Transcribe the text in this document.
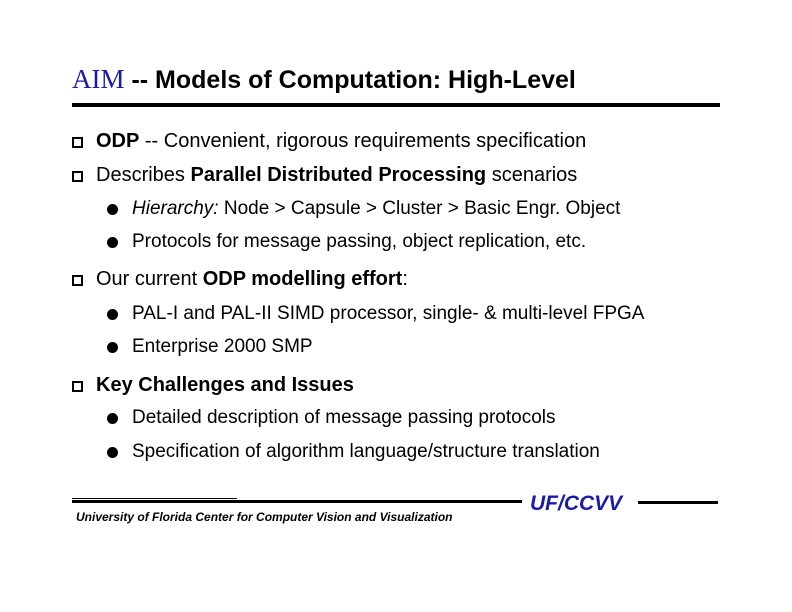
AIM -- Models of Computation: High-Level
ODP -- Convenient, rigorous requirements specification
Describes Parallel Distributed Processing scenarios
Hierarchy: Node > Capsule > Cluster > Basic Engr. Object
Protocols for message passing, object replication, etc.
Our current ODP modelling effort:
PAL-I and PAL-II SIMD processor, single- & multi-level FPGA
Enterprise 2000 SMP
Key Challenges and Issues
Detailed description of message passing protocols
Specification of algorithm language/structure translation
University of Florida Center for Computer Vision and Visualization
UF/CCVV
